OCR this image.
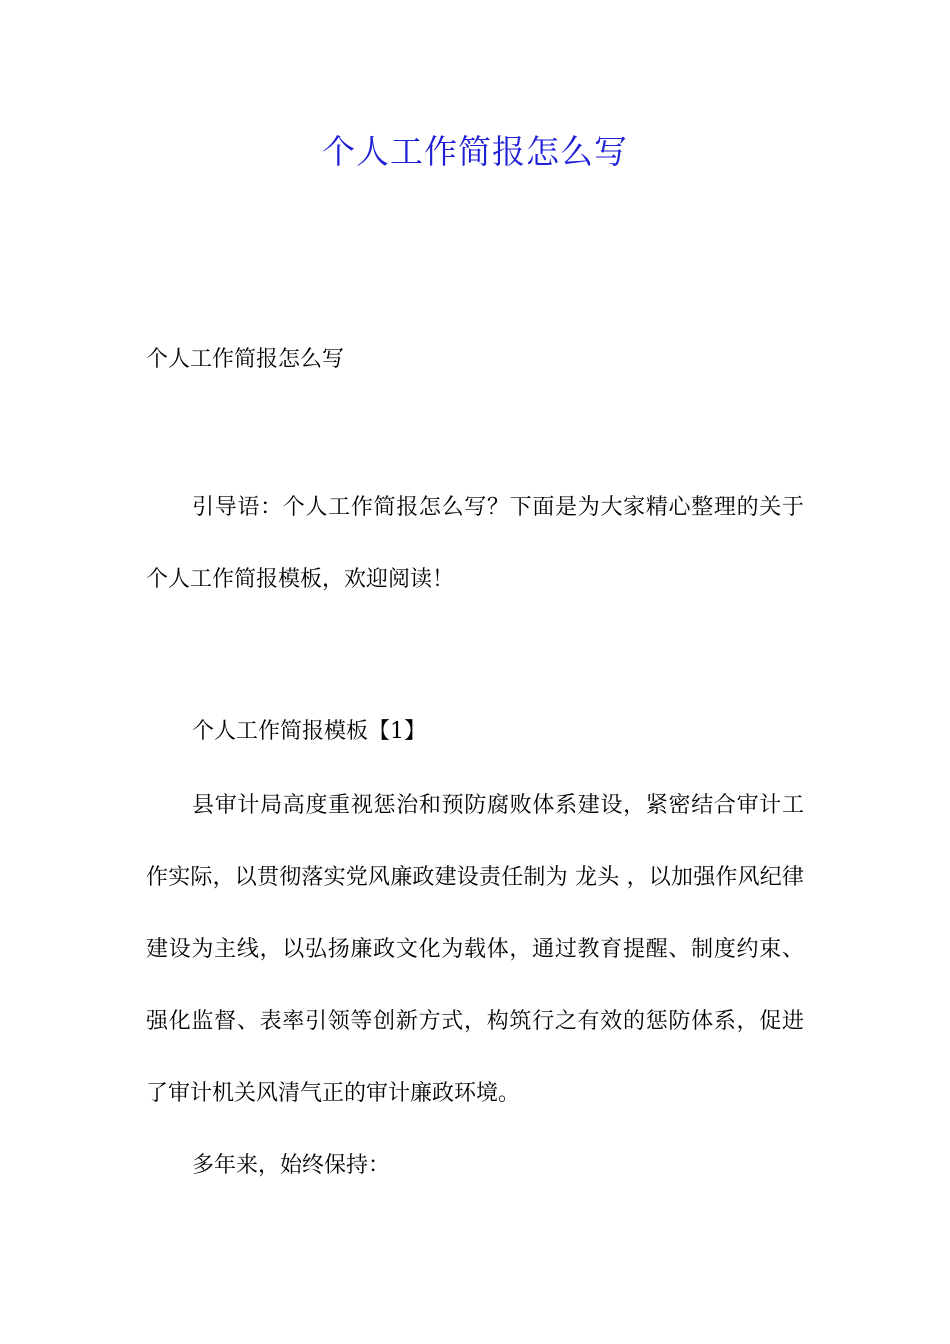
个人工作简报怎么写
个人工作简报怎么写
引导语：个人工作简报怎么写？下面是为大家精心整理的关于个人工作简报模板，欢迎阅读！
个人工作简报模板【1】
县审计局高度重视惩治和预防腐败体系建设，紧密结合审计工作实际，以贯彻落实党风廉政建设责任制为 龙头 ，以加强作风纪律建设为主线，以弘扬廉政文化为载体，通过教育提醒、制度约束、强化监督、表率引领等创新方式，构筑行之有效的惩防体系，促进了审计机关风清气正的审计廉政环境。
多年来，始终保持：
